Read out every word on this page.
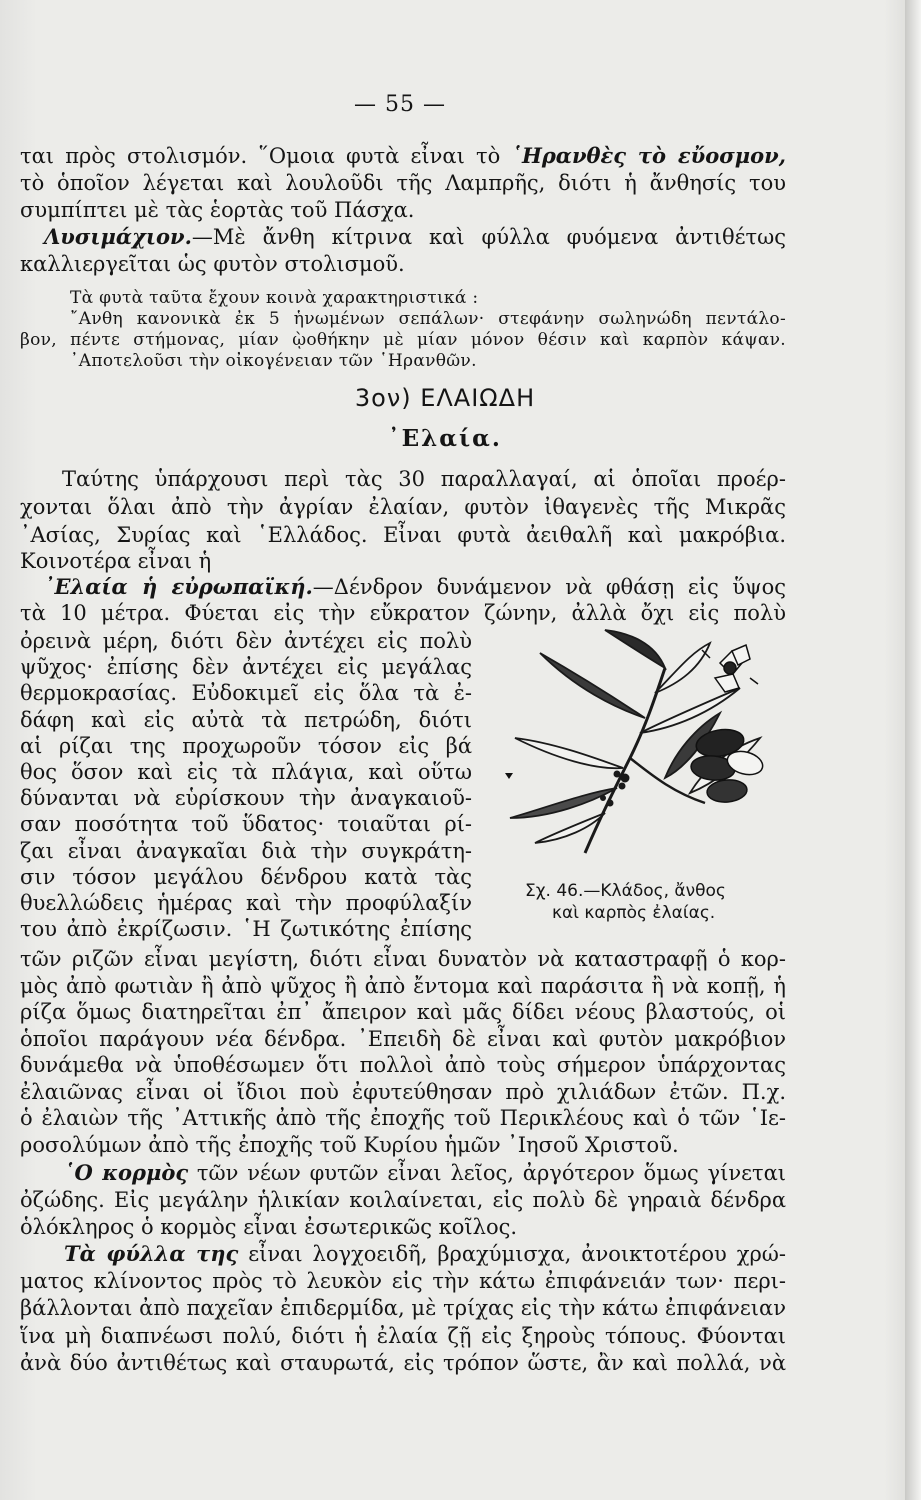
— 55 —
ται πρὸς στολισμόν. ῞Ομοια φυτὰ εἶναι τὸ ῾Ηρανθὲς τὸ εὔοσμον,
τὸ ὁποῖον λέγεται καὶ λουλοῦδι τῆς Λαμπρῆς, διότι ἡ ἄνθησίς του
συμπίπτει μὲ τὰς ἑορτὰς τοῦ Πάσχα.
Λυσιμάχιον.—Μὲ ἄνθη κίτρινα καὶ φύλλα φυόμενα ἀντιθέτως
καλλιεργεῖται ὡς φυτὸν στολισμοῦ.
Τὰ φυτὰ ταῦτα ἔχουν κοινὰ χαρακτηριστικά :
῎Ανθη κανονικὰ ἐκ 5 ἡνωμένων σεπάλων· στεφάνην σωληνώδη πεντάλο-
βον, πέντε στήμονας, μίαν ῲοθήκην μὲ μίαν μόνον θέσιν καὶ καρπὸν κάψαν.
᾿Αποτελοῦσι τὴν οἰκογένειαν τῶν ῾Ηρανθῶν.
3ον) ΕΛΑΙΩΔΗ
᾿Ελαία.
Ταύτης ὑπάρχουσι περὶ τὰς 30 παραλλαγαί, αἱ ὁποῖαι προέρ-
χονται ὅλαι ἀπὸ τὴν ἀγρίαν ἐλαίαν, φυτὸν ἰθαγενὲς τῆς Μικρᾶς
᾿Ασίας, Συρίας καὶ ῾Ελλάδος. Εἶναι φυτὰ ἀειθαλῆ καὶ μακρόβια.
Κοινοτέρα εἶναι ἡ
᾿Ελαία ἡ εὐρωπαϊκή.—Δένδρον δυνάμενον νὰ φθάσῃ εἰς ὕψος
τὰ 10 μέτρα. Φύεται εἰς τὴν εὔκρατον ζώνην, ἀλλὰ ὄχι εἰς πολὺ
ὀρεινὰ μέρη, διότι δὲν ἀντέχει εἰς πολὺ
ψῦχος· ἐπίσης δὲν ἀντέχει εἰς μεγάλας
θερμοκρασίας. Εὐδοκιμεῖ εἰς ὅλα τὰ ἐ-
δάφη καὶ εἰς αὐτὰ τὰ πετρώδη, διότι
αἱ ρίζαι της προχωροῦν τόσον εἰς βά
θος ὅσον καὶ εἰς τὰ πλάγια, καὶ οὕτω
δύνανται νὰ εὑρίσκουν τὴν ἀναγκαιοῦ-
σαν ποσότητα τοῦ ὕδατος· τοιαῦται ρί-
ζαι εἶναι ἀναγκαῖαι διὰ τὴν συγκράτη-
σιν τόσον μεγάλου δένδρου κατὰ τὰς
θυελλώδεις ἡμέρας καὶ τὴν προφύλαξίν
του ἀπὸ ἐκρίζωσιν. ῾Η ζωτικότης ἐπίσης
Σχ. 46.—Κλάδος, ἄνθος
καὶ καρπὸς ἐλαίας.
τῶν ριζῶν εἶναι μεγίστη, διότι εἶναι δυνατὸν νὰ καταστραφῇ ὁ κορ-
μὸς ἀπὸ φωτιὰν ἢ ἀπὸ ψῦχος ἢ ἀπὸ ἔντομα καὶ παράσιτα ἢ νὰ κοπῇ, ἡ
ρίζα ὅμως διατηρεῖται ἐπ᾿ ἄπειρον καὶ μᾶς δίδει νέους βλαστούς, οἱ
ὁποῖοι παράγουν νέα δένδρα. ᾿Επειδὴ δὲ εἶναι καὶ φυτὸν μακρόβιον
δυνάμεθα νὰ ὑποθέσωμεν ὅτι πολλοὶ ἀπὸ τοὺς σήμερον ὑπάρχοντας
ἐλαιῶνας εἶναι οἱ ἴδιοι ποὺ ἐφυτεύθησαν πρὸ χιλιάδων ἐτῶν. Π.χ.
ὁ ἐλαιὼν τῆς ᾿Αττικῆς ἀπὸ τῆς ἐποχῆς τοῦ Περικλέους καὶ ὁ τῶν ῾Ιε-
ροσολύμων ἀπὸ τῆς ἐποχῆς τοῦ Κυρίου ἡμῶν ᾿Ιησοῦ Χριστοῦ.
῾Ο κορμὸς τῶν νέων φυτῶν εἶναι λεῖος, ἀργότερον ὅμως γίνεται
ὀζώδης. Εἰς μεγάλην ἡλικίαν κοιλαίνεται, εἰς πολὺ δὲ γηραιὰ δένδρα
ὁλόκληρος ὁ κορμὸς εἶναι ἐσωτερικῶς κοῖλος.
Τὰ φύλλα της εἶναι λογχοειδῆ, βραχύμισχα, ἀνοικτοτέρου χρώ-
ματος κλίνοντος πρὸς τὸ λευκὸν εἰς τὴν κάτω ἐπιφάνειάν των· περι-
βάλλονται ἀπὸ παχεῖαν ἐπιδερμίδα, μὲ τρίχας εἰς τὴν κάτω ἐπιφάνειαν
ἵνα μὴ διαπνέωσι πολύ, διότι ἡ ἐλαία ζῇ εἰς ξηροὺς τόπους. Φύονται
ἀνὰ δύο ἀντιθέτως καὶ σταυρωτά, εἰς τρόπον ὥστε, ἂν καὶ πολλά, νὰ
